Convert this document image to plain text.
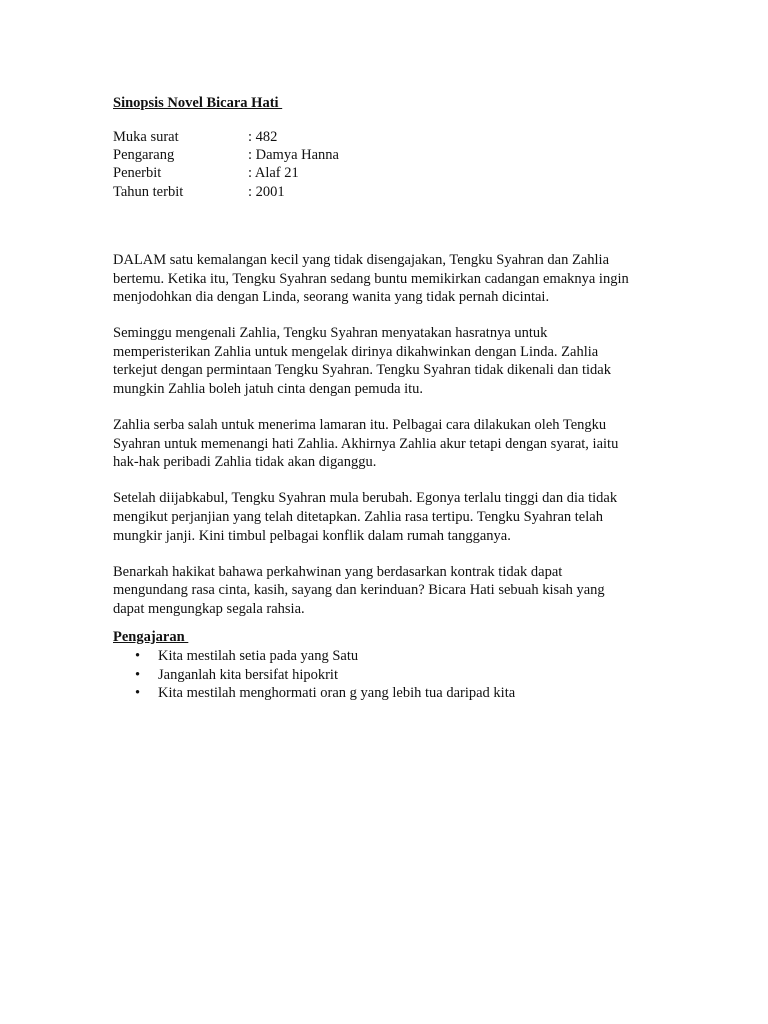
Sinopsis Novel Bicara Hati
Muka surat	: 482
Pengarang	: Damya Hanna
Penerbit	: Alaf 21
Tahun terbit	: 2001

DALAM satu kemalangan kecil yang tidak disengajakan, Tengku Syahran dan Zahlia
bertemu. Ketika itu, Tengku Syahran sedang buntu memikirkan cadangan emaknya ingin
menjodohkan dia dengan Linda, seorang wanita yang tidak pernah dicintai.

Seminggu mengenali Zahlia, Tengku Syahran menyatakan hasratnya untuk
memperisterikan Zahlia untuk mengelak dirinya dikahwinkan dengan Linda. Zahlia
terkejut dengan permintaan Tengku Syahran. Tengku Syahran tidak dikenali dan tidak
mungkin Zahlia boleh jatuh cinta dengan pemuda itu.

Zahlia serba salah untuk menerima lamaran itu. Pelbagai cara dilakukan oleh Tengku
Syahran untuk memenangi hati Zahlia. Akhirnya Zahlia akur tetapi dengan syarat, iaitu
hak-hak peribadi Zahlia tidak akan diganggu.

Setelah diijabkabul, Tengku Syahran mula berubah. Egonya terlalu tinggi dan dia tidak
mengikut perjanjian yang telah ditetapkan. Zahlia rasa tertipu. Tengku Syahran telah
mungkir janji. Kini timbul pelbagai konflik dalam rumah tangganya.

Benarkah hakikat bahawa perkahwinan yang berdasarkan kontrak tidak dapat
mengundang rasa cinta, kasih, sayang dan kerinduan? Bicara Hati sebuah kisah yang
dapat mengungkap segala rahsia.

Pengajaran
• Kita mestilah setia pada yang Satu
• Janganlah kita bersifat hipokrit
• Kita mestilah menghormati oran g yang lebih tua daripad kita
